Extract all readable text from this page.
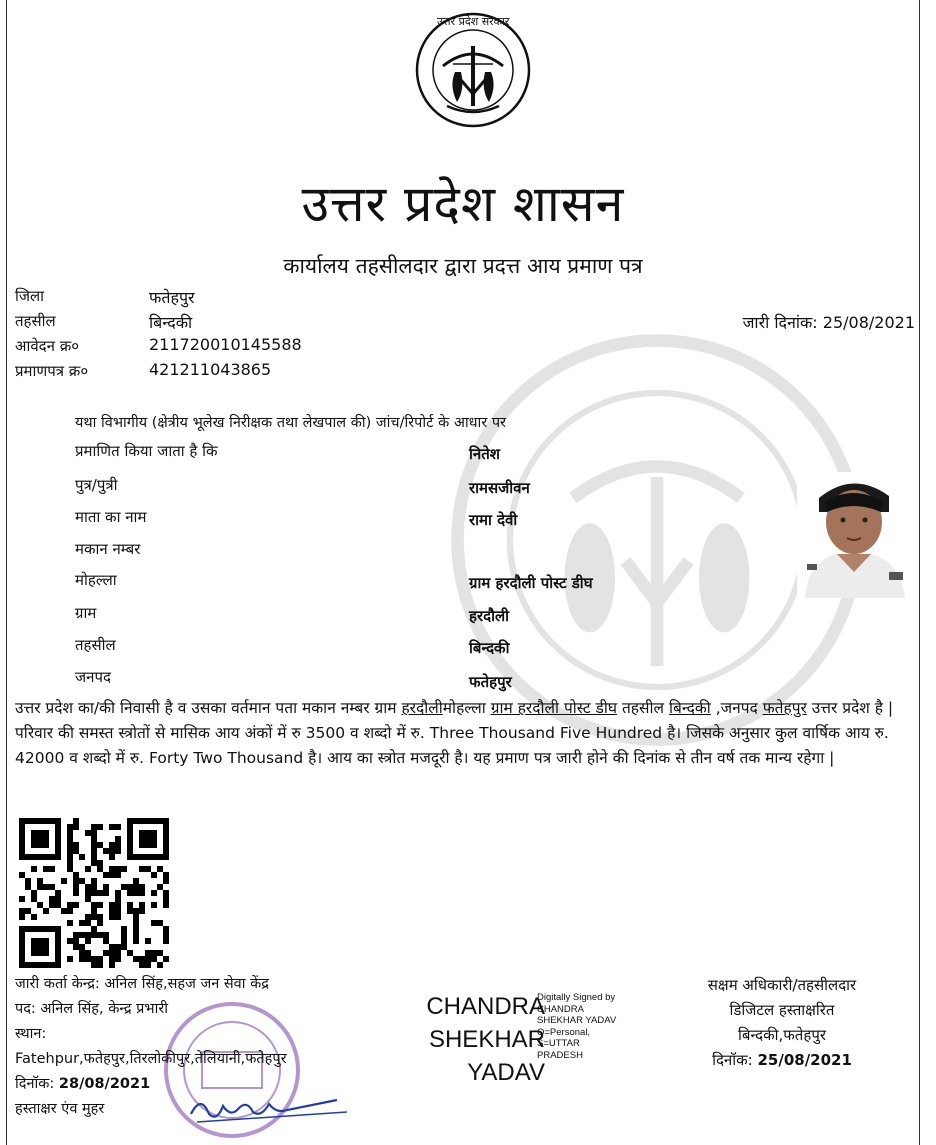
उत्तर प्रदेश सरकार
उत्तर प्रदेश शासन
कार्यालय तहसीलदार द्वारा प्रदत्त आय प्रमाण पत्र
जिला	फतेहपुर
तहसील	बिन्दकी
आवेदन क्र०	211720010145588
प्रमाणपत्र क्र०	421211043865
जारी दिनांक: 25/08/2021
यथा विभागीय (क्षेत्रीय भूलेख निरीक्षक तथा लेखपाल की) जांच/रिपोर्ट के आधार पर
प्रमाणित किया जाता है कि	नितेश
पुत्र/पुत्री	रामसजीवन
माता का नाम	रामा देवी
मकान नम्बर
मोहल्ला	ग्राम हरदौली पोस्ट डीघ
ग्राम	हरदौली
तहसील	बिन्दकी
जनपद	फतेहपुर
उत्तर प्रदेश का/की निवासी है व उसका वर्तमान पता मकान नम्बर ग्राम हरदौलीमोहल्ला ग्राम हरदौली पोस्ट डीघ तहसील बिन्दकी ,जनपद फतेहपुर उत्तर प्रदेश है | परिवार की समस्त स्त्रोतों से मासिक आय अंकों में रु 3500 व शब्दो में रु. Three Thousand Five Hundred है। जिसके अनुसार कुल वार्षिक आय रु. 42000 व शब्दो में रु. Forty Two Thousand है। आय का स्त्रोत मजदूरी है। यह प्रमाण पत्र जारी होने की दिनांक से तीन वर्ष तक मान्य रहेगा |
जारी कर्ता केन्द्र: अनिल सिंह,सहज जन सेवा केंद्र
पद: अनिल सिंह, केन्द्र प्रभारी
स्थान:
Fatehpur,फतेहपुर,तिरलोकीपुर,तेलियानी,फतेहपुर
दिनॉक: 28/08/2021
हस्ताक्षर एंव मुहर
CHANDRA
SHEKHAR
YADAV
Digitally Signed by
CHANDRA
SHEKHAR YADAV
O=Personal,
S=UTTAR
PRADESH
सक्षम अधिकारी/तहसीलदार
डिजिटल हस्ताक्षरित
बिन्दकी,फतेहपुर
दिनॉक: 25/08/2021
